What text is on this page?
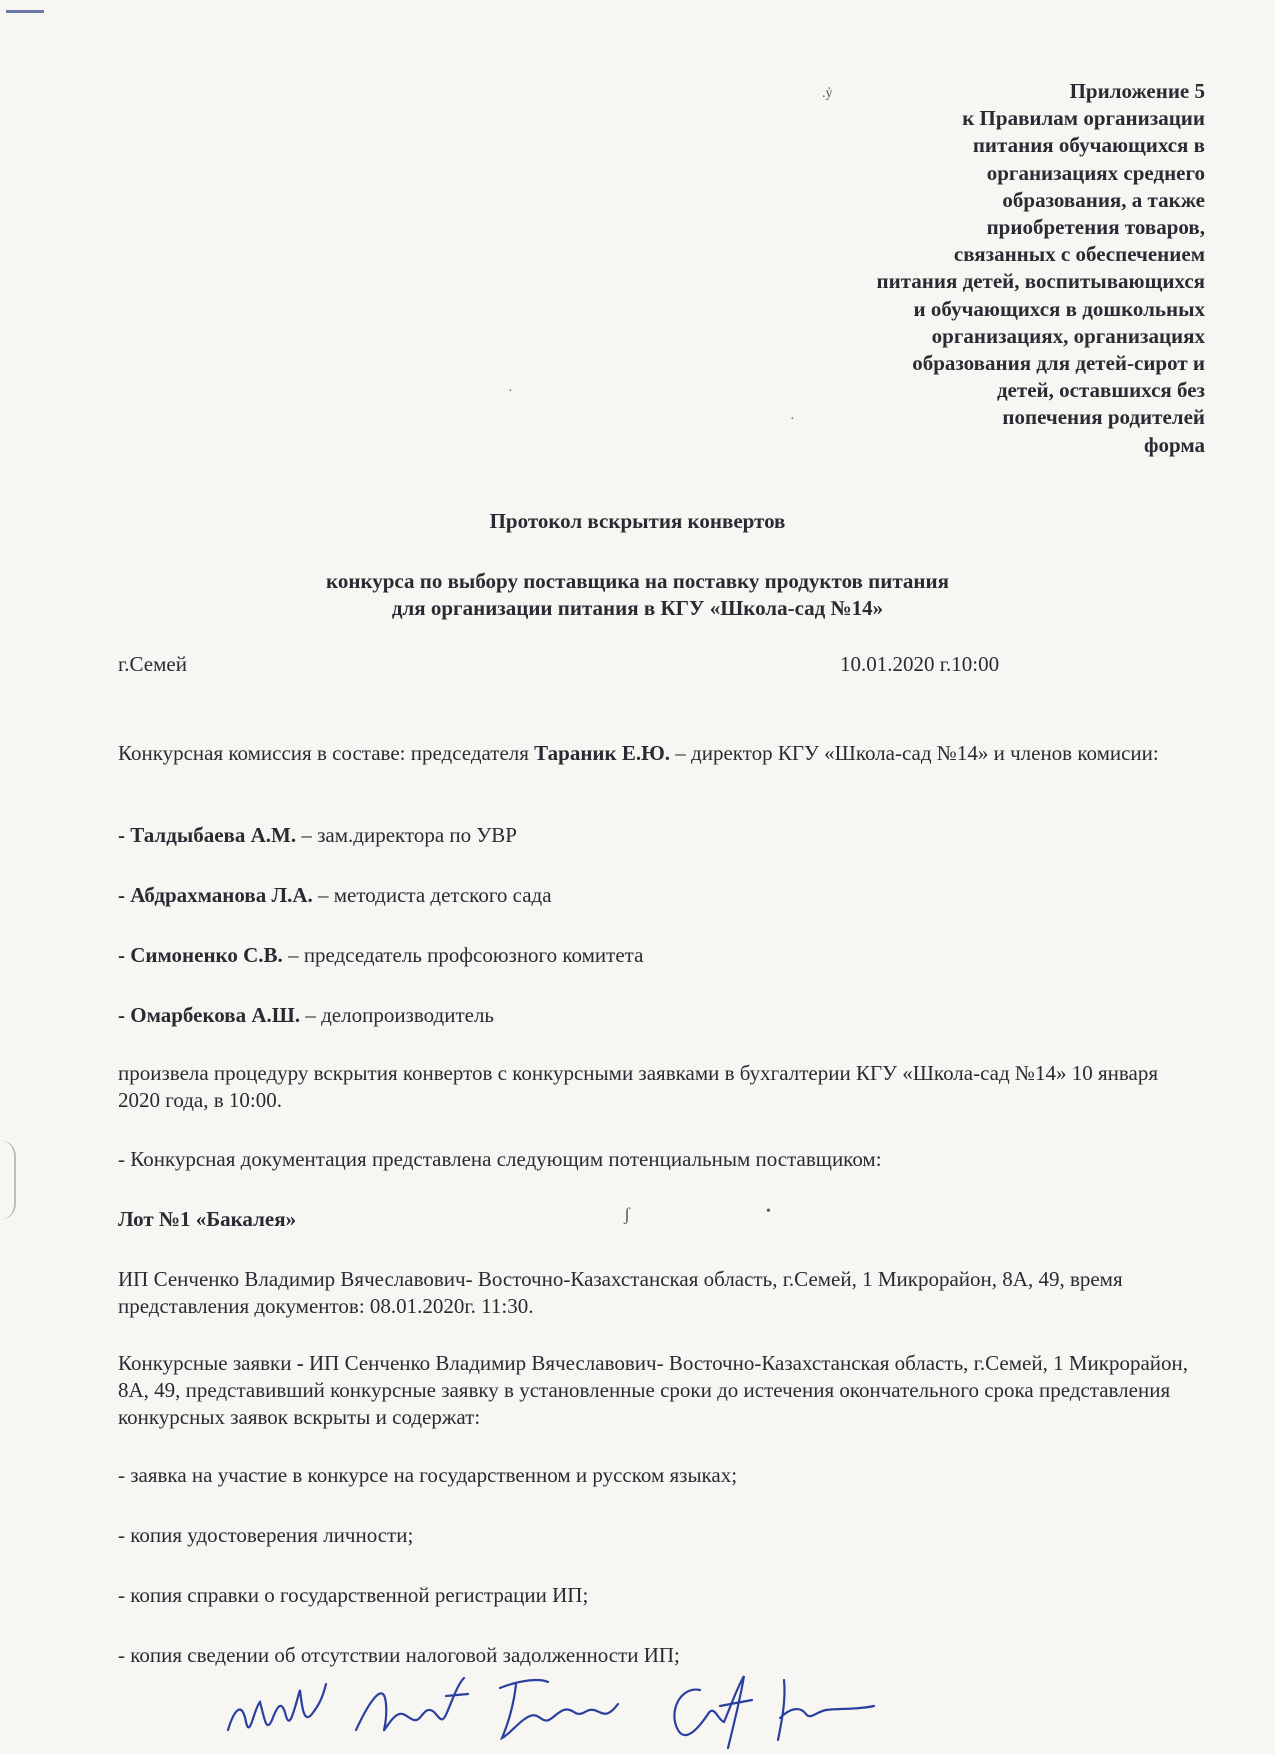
Приложение 5
к Правилам организации
питания обучающихся в
организациях среднего
образования, а также
приобретения товаров,
связанных с обеспечением
питания детей, воспитывающихся
и обучающихся в дошкольных
организациях, организациях
образования для детей-сирот и
детей, оставшихся без
попечения родителей
форма
.ỷ
·
·
Протокол вскрытия конвертов
конкурса по выбору поставщика на поставку продуктов питания
для организации питания в КГУ «Школа-сад №14»
г.Семей	10.01.2020 г.10:00
Конкурсная комиссия в составе: председателя Тараник Е.Ю. – директор КГУ «Школа-сад №14» и членов комиcии:
- Талдыбаева А.М. – зам.директора по УВР
- Абдрахманова Л.А. – методиста детского сада
- Симоненко С.В. – председатель профсоюзного комитета
- Омарбекова А.Ш. – делопроизводитель
произвела процедуру вскрытия конвертов с конкурсными заявками в бухгалтерии КГУ «Школа-сад №14» 10 января 2020 года, в 10:00.
- Конкурсная документация представлена следующим потенциальным поставщиком:
Лот №1 «Бакалея»	ʃ	•
ИП Сенченко Владимир Вячеславович- Восточно-Казахстанская область, г.Семей, 1 Микрорайон, 8А, 49, время представления документов: 08.01.2020г. 11:30.
Конкурсные заявки - ИП Сенченко Владимир Вячеславович- Восточно-Казахстанская область, г.Семей, 1 Микрорайон, 8А, 49, представивший конкурсные заявку в установленные сроки до истечения окончательного срока представления конкурсных заявок вскрыты и содержат:
- заявка на участие в конкурсе на государственном и русском языках;
- копия удостоверения личности;
- копия справки о государственной регистрации ИП;
- копия сведении об отсутствии налоговой задолженности ИП;
